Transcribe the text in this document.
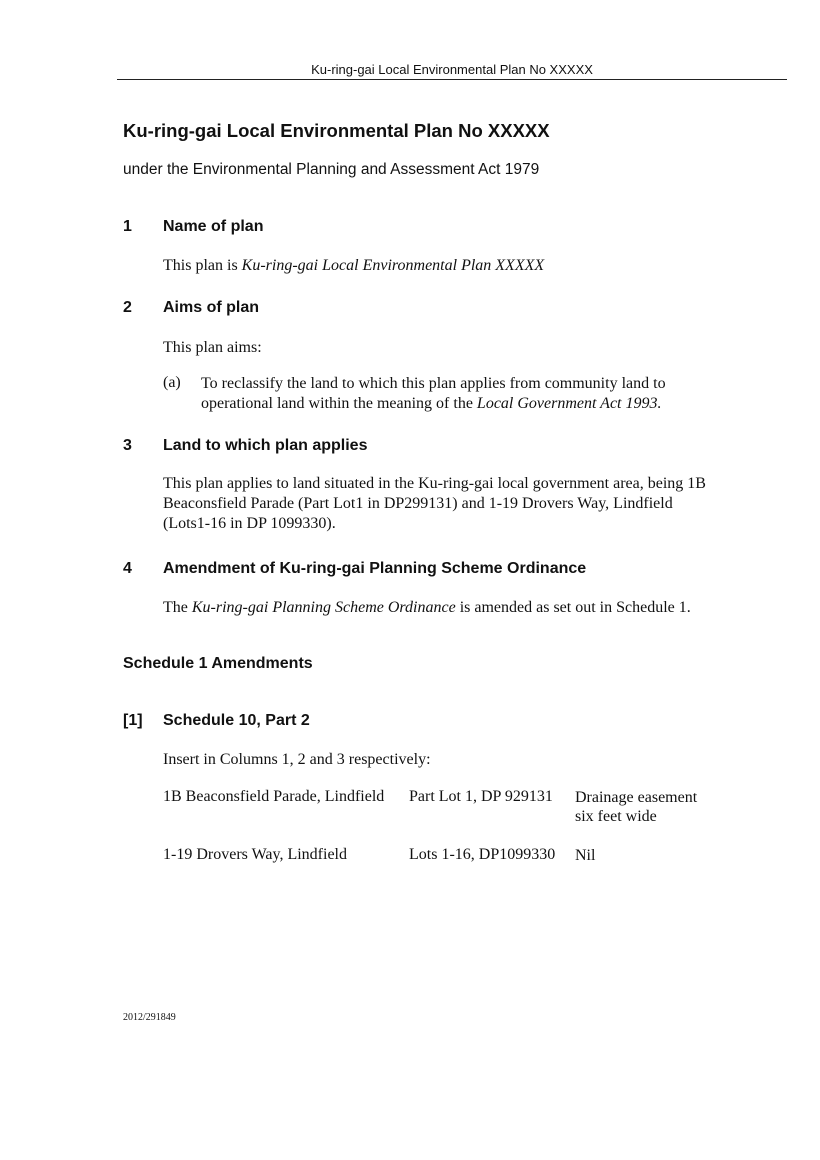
Ku-ring-gai Local Environmental Plan No XXXXX
Ku-ring-gai Local Environmental Plan No XXXXX

under the Environmental Planning and Assessment Act 1979

1 Name of plan

This plan is Ku-ring-gai Local Environmental Plan XXXXX

2 Aims of plan

This plan aims:

(a) To reclassify the land to which this plan applies from community land to
operational land within the meaning of the Local Government Act 1993.
3 Land to which plan applies

This plan applies to land situated in the Ku-ring-gai local government area, being 1B Beaconsfield Parade (Part Lot1 in DP299131) and 1-19 Drovers Way, Lindfield (Lots1-16 in DP 1099330).

4 Amendment of Ku-ring-gai Planning Scheme Ordinance

The Ku-ring-gai Planning Scheme Ordinance is amended as set out in Schedule 1.

Schedule 1 Amendments
[1] Schedule 10, Part 2

Insert in Columns 1, 2 and 3 respectively:

1B Beaconsfield Parade, Lindfield Part Lot 1, DP 929131 Drainage easement
six feet wide
1-19 Drovers Way, Lindfield	Lots 1-16, DP1099330 Nil
2012/291849
